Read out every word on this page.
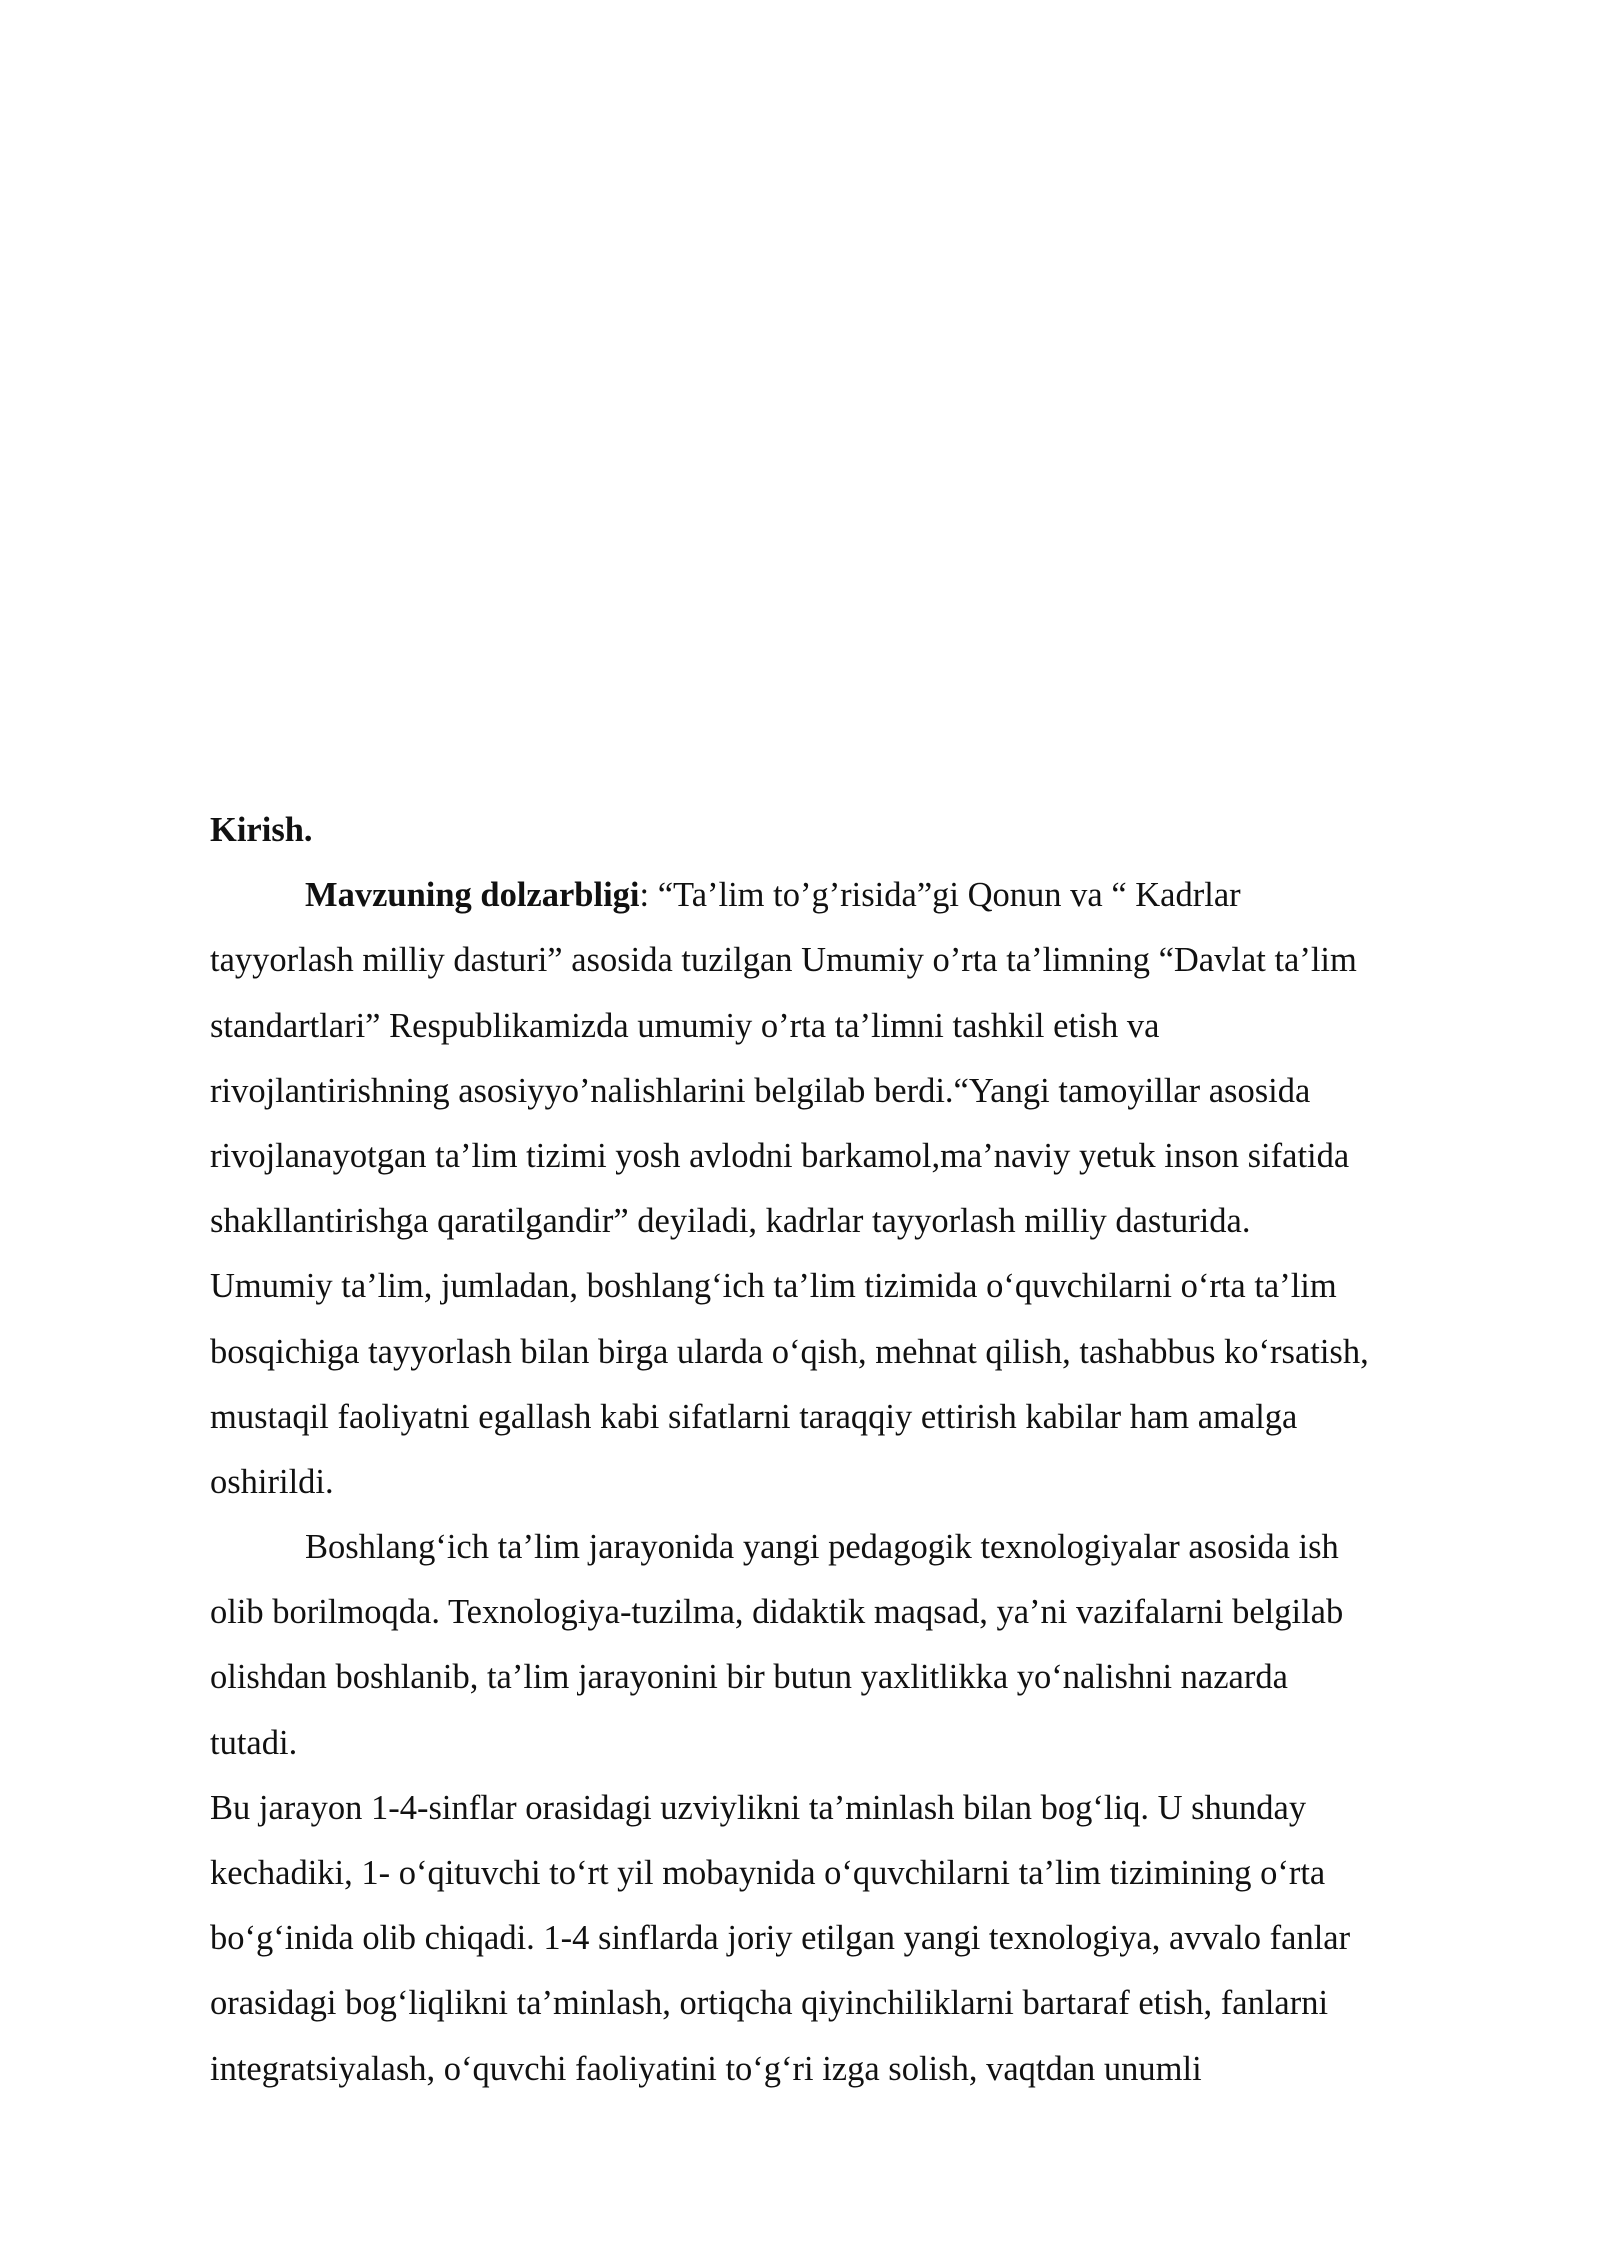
Kirish.
Mavzuning dolzarbligi: “Ta’lim to’g’risida”gi Qonun va “ Kadrlar
tayyorlash milliy dasturi” asosida tuzilgan Umumiy o’rta ta’limning “Davlat ta’lim
standartlari” Respublikamizda umumiy o’rta ta’limni tashkil etish va
rivojlantirishning asosiyyo’nalishlarini belgilab berdi.“Yangi tamoyillar asosida
rivojlanayotgan ta’lim tizimi yosh avlodni barkamol,ma’naviy yetuk inson sifatida
shakllantirishga qaratilgandir” deyiladi, kadrlar tayyorlash milliy dasturida.
Umumiy ta’lim, jumladan, boshlang‘ich ta’lim tizimida o‘quvchilarni o‘rta ta’lim
bosqichiga tayyorlash bilan birga ularda o‘qish, mehnat qilish, tashabbus ko‘rsatish,
mustaqil faoliyatni egallash kabi sifatlarni taraqqiy ettirish kabilar ham amalga
oshirildi.
Boshlang‘ich ta’lim jarayonida yangi pedagogik texnologiyalar asosida ish
olib borilmoqda. Texnologiya-tuzilma, didaktik maqsad, ya’ni vazifalarni belgilab
olishdan boshlanib, ta’lim jarayonini bir butun yaxlitlikka yo‘nalishni nazarda
tutadi.
Bu jarayon 1-4-sinflar orasidagi uzviylikni ta’minlash bilan bog‘liq. U shunday
kechadiki, 1- o‘qituvchi to‘rt yil mobaynida o‘quvchilarni ta’lim tizimining o‘rta
bo‘g‘inida olib chiqadi. 1-4 sinflarda joriy etilgan yangi texnologiya, avvalo fanlar
orasidagi bog‘liqlikni ta’minlash, ortiqcha qiyinchiliklarni bartaraf etish, fanlarni
integratsiyalash, o‘quvchi faoliyatini to‘g‘ri izga solish, vaqtdan unumli
